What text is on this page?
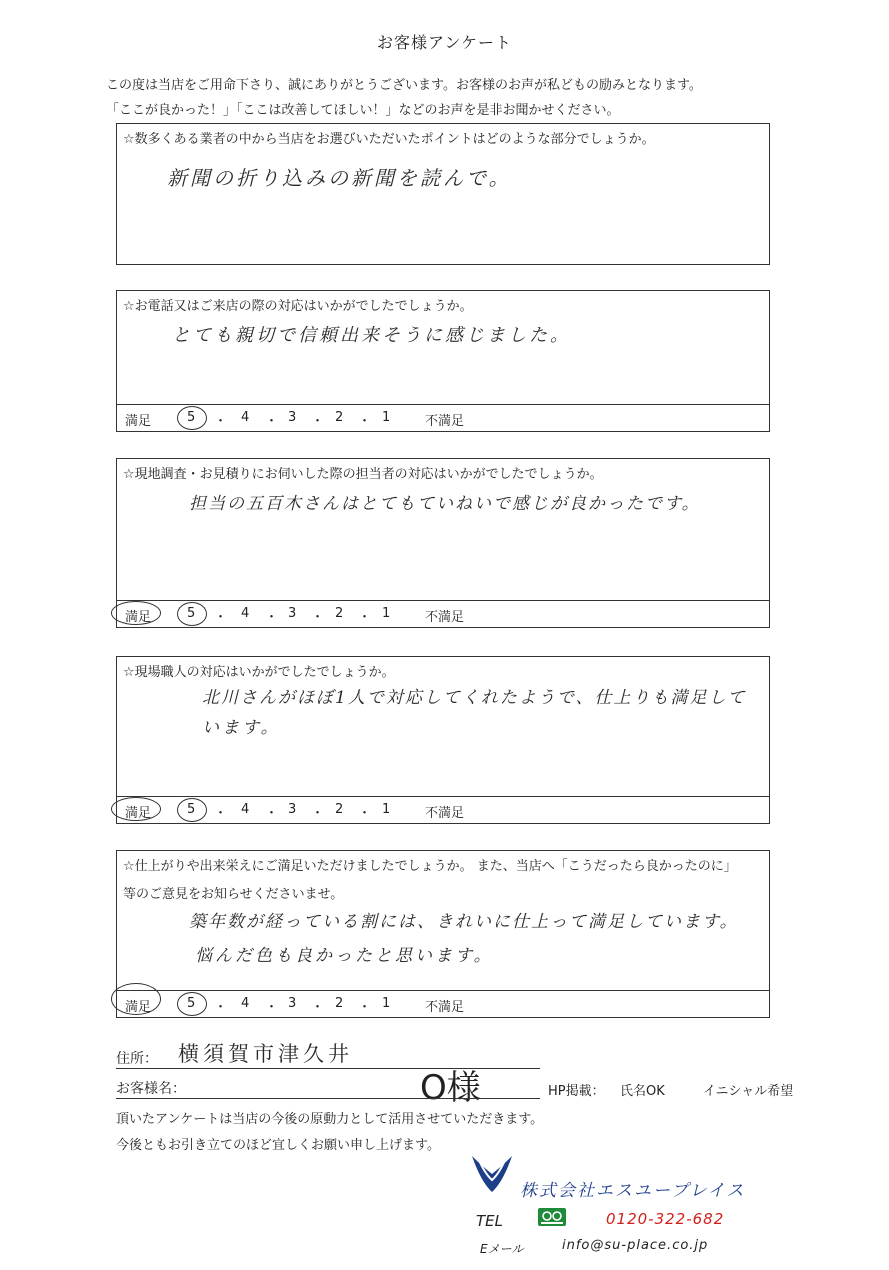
お客様アンケート
この度は当店をご用命下さり、誠にありがとうございます。お客様のお声が私どもの励みとなります。
「ここが良かった！」「ここは改善してほしい！」などのお声を是非お聞かせください。
☆数多くある業者の中から当店をお選びいただいたポイントはどのような部分でしょうか。
新聞の折り込みの新聞を読んで。
☆お電話又はご来店の際の対応はいかがでしたでしょうか。
とても親切で信頼出来そうに感じました。
満足	5 ・ 4 ・ 3 ・ 2 ・ 1	不満足
☆現地調査・お見積りにお伺いした際の担当者の対応はいかがでしたでしょうか。
担当の五百木さんはとてもていねいで感じが良かったです。
満足	5 ・ 4 ・ 3 ・ 2 ・ 1	不満足
☆現場職人の対応はいかがでしたでしょうか。
北川さんがほぼ1人で対応してくれたようで、仕上りも満足して
います。
満足	5 ・ 4 ・ 3 ・ 2 ・ 1	不満足
☆仕上がりや出来栄えにご満足いただけましたでしょうか。 また、当店へ「こうだったら良かったのに」
等のご意見をお知らせくださいませ。
築年数が経っている割には、きれいに仕上って満足しています。
悩んだ色も良かったと思います。
満足	5 ・ 4 ・ 3 ・ 2 ・ 1	不満足
住所： 横須賀市津久井
お客様名：	O様	HP掲載： 氏名OK	イニシャル希望
頂いたアンケートは当店の今後の原動力として活用させていただきます。
今後ともお引き立てのほど宜しくお願い申し上げます。
株式会社エスユープレイス
TEL	0120-322-682
Eメール	info@su-place.co.jp
